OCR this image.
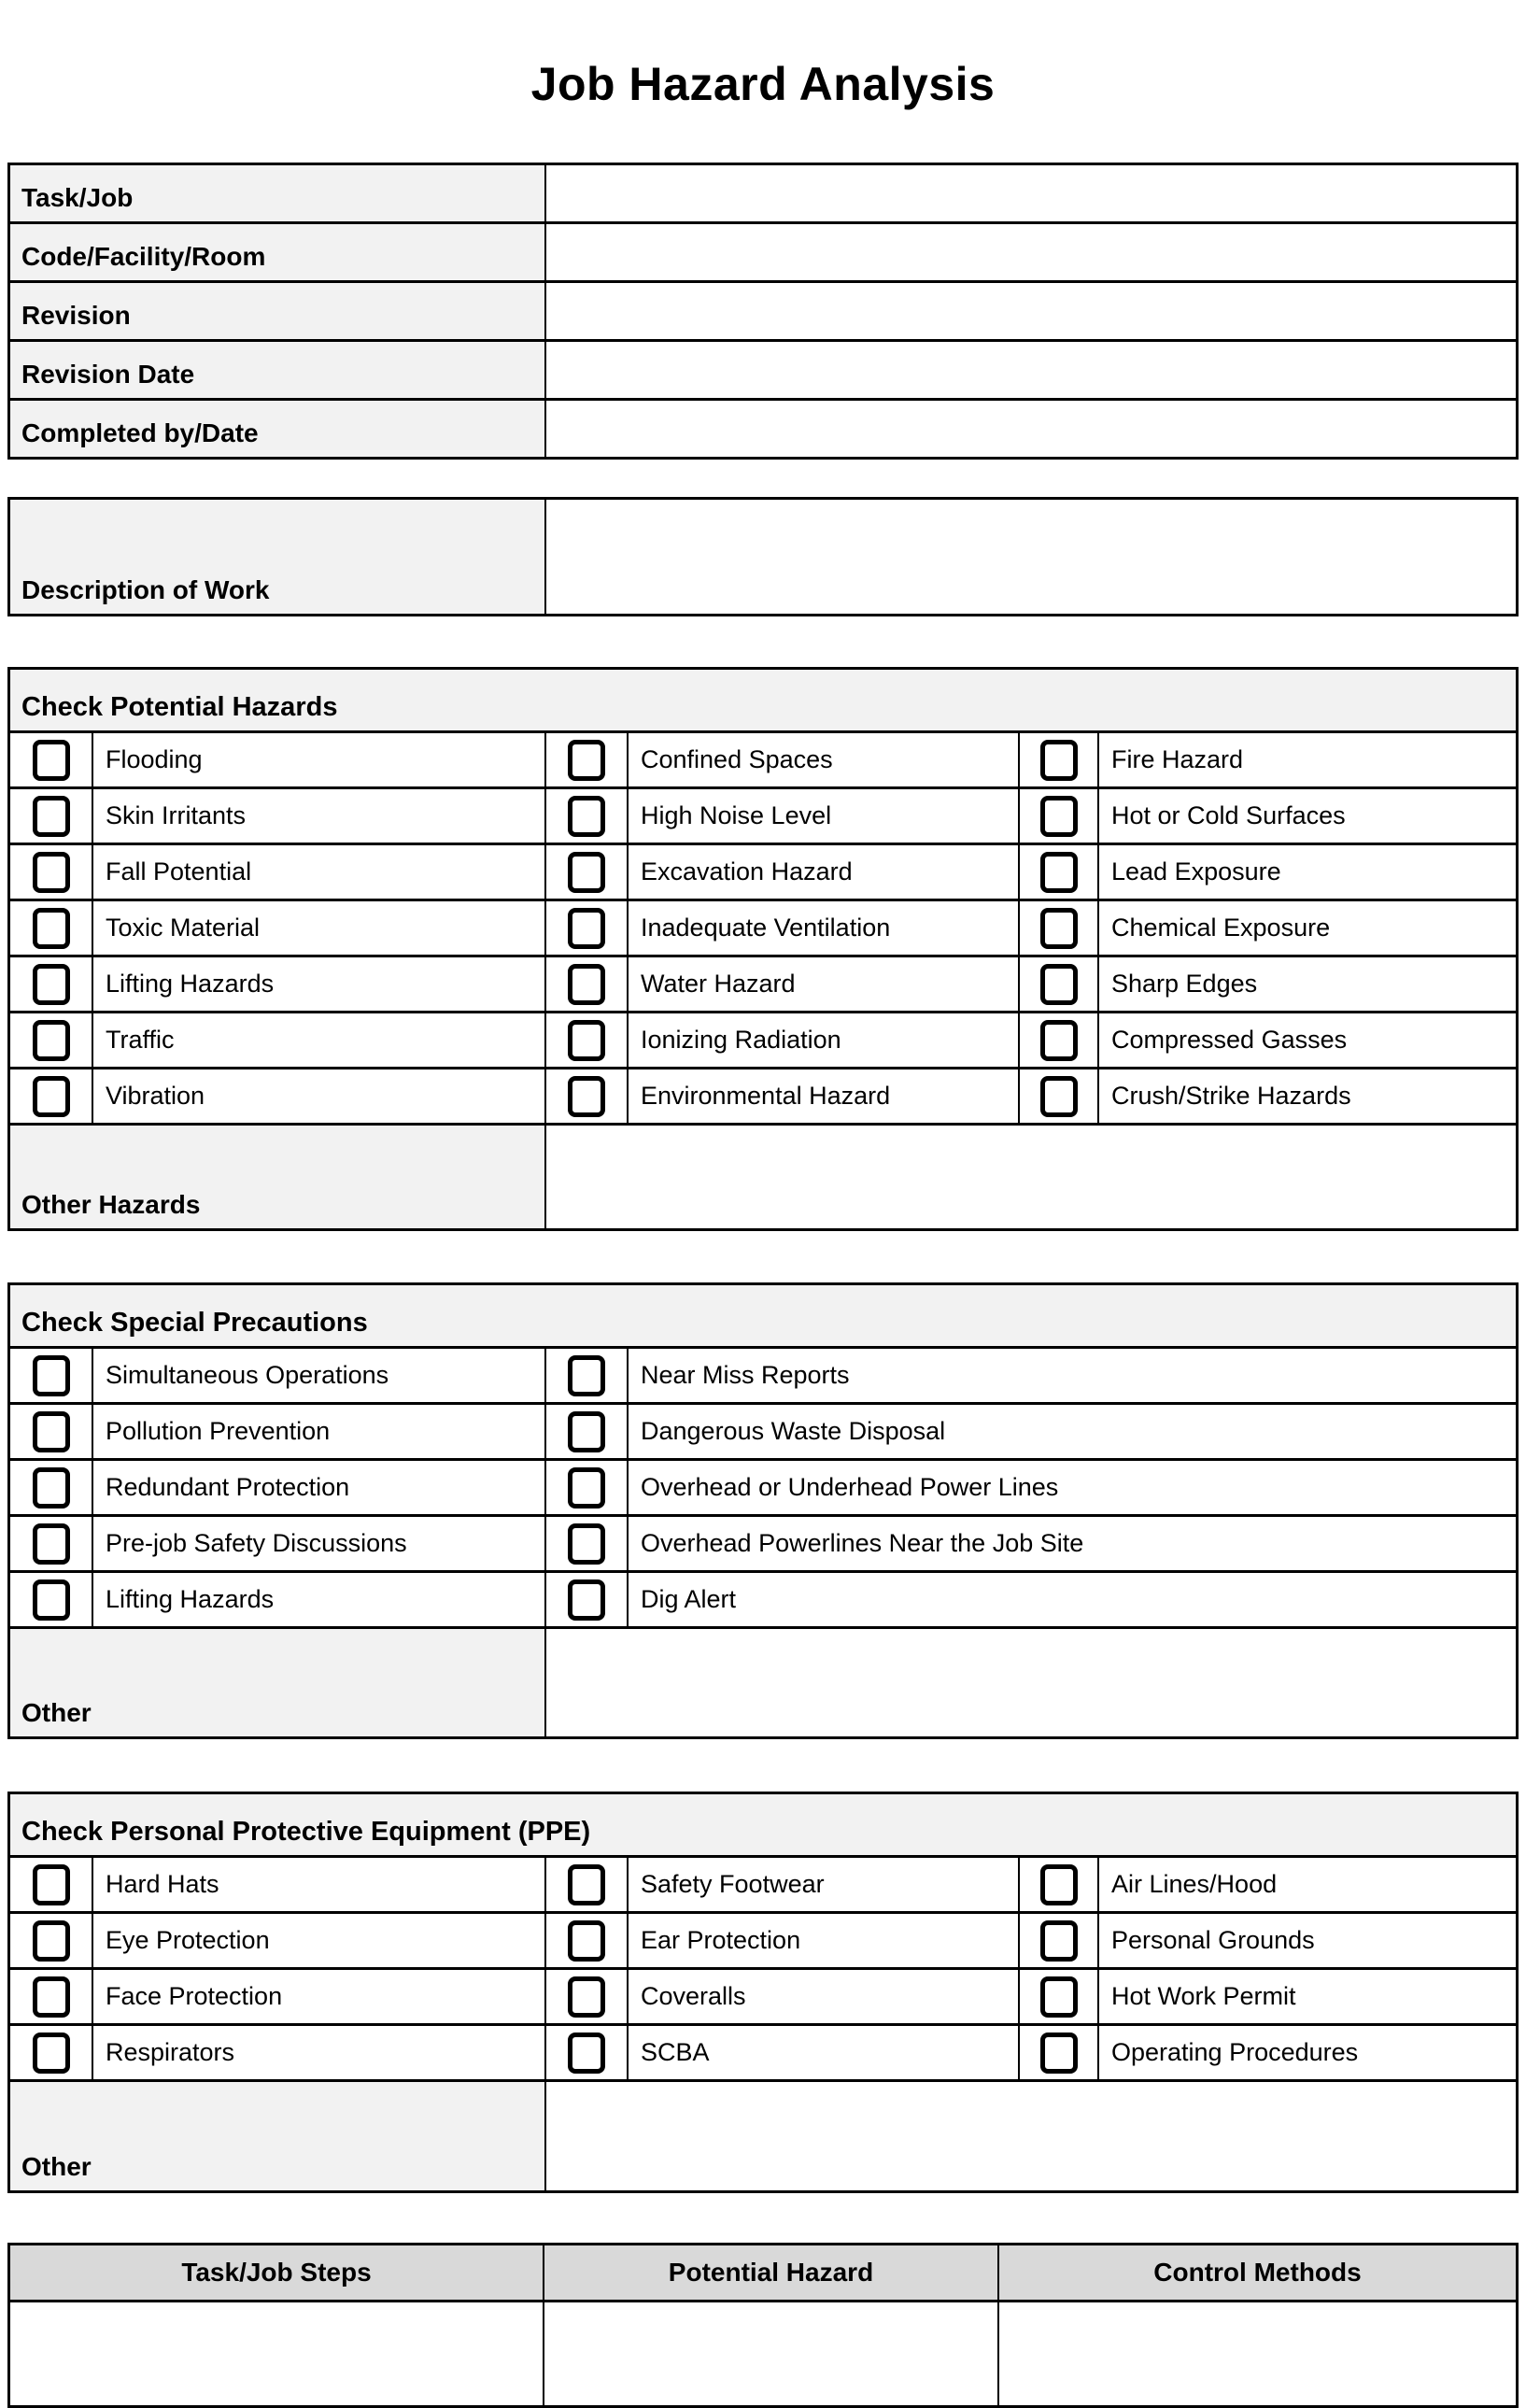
Job Hazard Analysis
Task/Job
Code/Facility/Room
Revision
Revision Date
Completed by/Date
Description of Work
Check Potential Hazards
Flooding	Confined Spaces	Fire Hazard
Skin Irritants	High Noise Level	Hot or Cold Surfaces
Fall Potential	Excavation Hazard	Lead Exposure
Toxic Material	Inadequate Ventilation	Chemical Exposure
Lifting Hazards	Water Hazard	Sharp Edges
Traffic	Ionizing Radiation	Compressed Gasses
Vibration	Environmental Hazard	Crush/Strike Hazards
Other Hazards
Check Special Precautions
Simultaneous Operations	Near Miss Reports
Pollution Prevention	Dangerous Waste Disposal
Redundant Protection	Overhead or Underhead Power Lines
Pre-job Safety Discussions	Overhead Powerlines Near the Job Site
Lifting Hazards	Dig Alert
Other
Check Personal Protective Equipment (PPE)
Hard Hats	Safety Footwear	Air Lines/Hood
Eye Protection	Ear Protection	Personal Grounds
Face Protection	Coveralls	Hot Work Permit
Respirators	SCBA	Operating Procedures
Other
Task/Job Steps	Potential Hazard	Control Methods
